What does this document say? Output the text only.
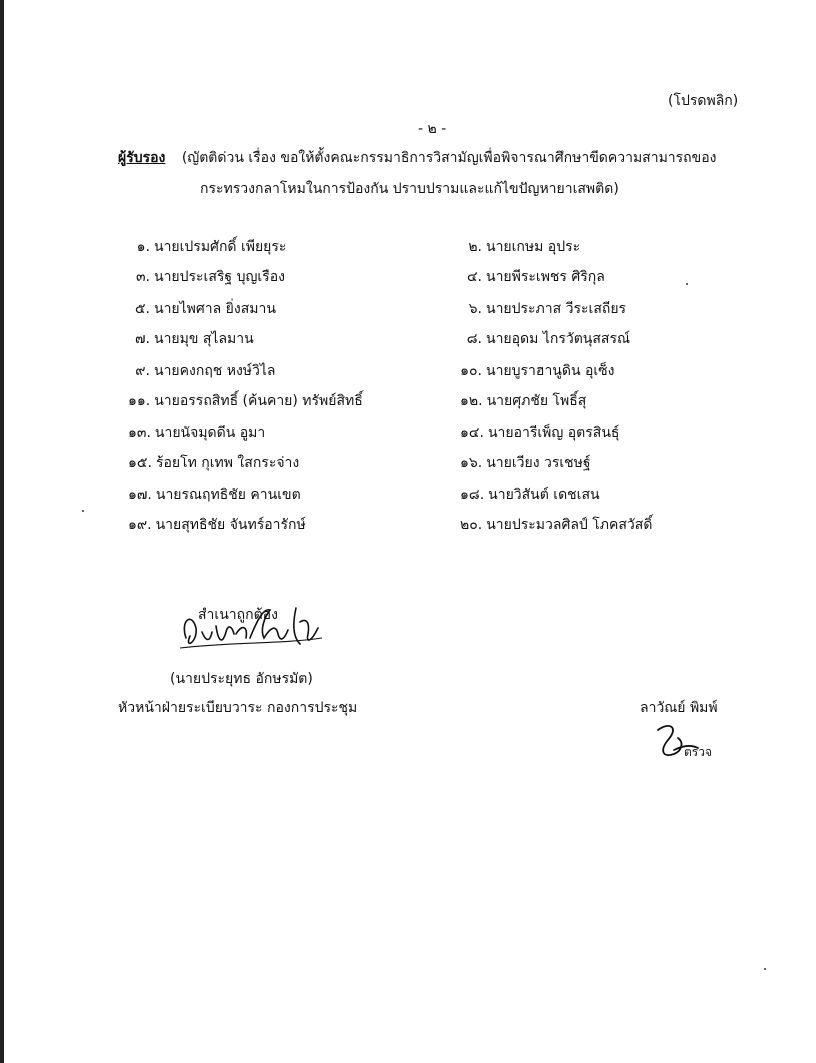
(โปรดพลิก)
- ๒ -
ผู้รับรอง (ญัตติด่วน เรื่อง ขอให้ตั้งคณะกรรมาธิการวิสามัญเพื่อพิจารณาศึกษาขีดความสามารถของ
กระทรวงกลาโหมในการป้องกัน ปราบปรามและแก้ไขปัญหายาเสพติด)
๑. นายเปรมศักดิ์ เพียยุระ	๒. นายเกษม อุประ
๓. นายประเสริฐ บุญเรือง	๔. นายพีระเพชร ศิริกุล
๕. นายไพศาล ยิ่งสมาน	๖. นายประภาส วีระเสถียร
๗. นายมุข สุไลมาน	๘. นายอุดม ไกรวัตนุสสรณ์
๙. นายคงกฤช หงษ์วิไล	๑๐. นายบูราฮานูดิน อุเซ็ง
๑๑. นายอรรถสิทธิ์ (ค้นคาย) ทรัพย์สิทธิ์	๑๒. นายศุภชัย โพธิ์สุ
๑๓. นายนัจมุดดีน อูมา	๑๔. นายอารีเพ็ญ อุตรสินธุ์
๑๕. ร้อยโท กุเทพ ใสกระจ่าง	๑๖. นายเวียง วรเชษฐ์
๑๗. นายรณฤทธิชัย คานเขต	๑๘. นายวิสันต์ เดชเสน
๑๙. นายสุทธิชัย จันทร์อารักษ์	๒๐. นายประมวลศิลป์ โภคสวัสดิ์
สำเนาถูกต้อง
(นายประยุทธ อักษรมัต)
หัวหน้าฝ่ายระเบียบวาระ กองการประชุม	ลาวัณย์ พิมพ์
ตรวจ
